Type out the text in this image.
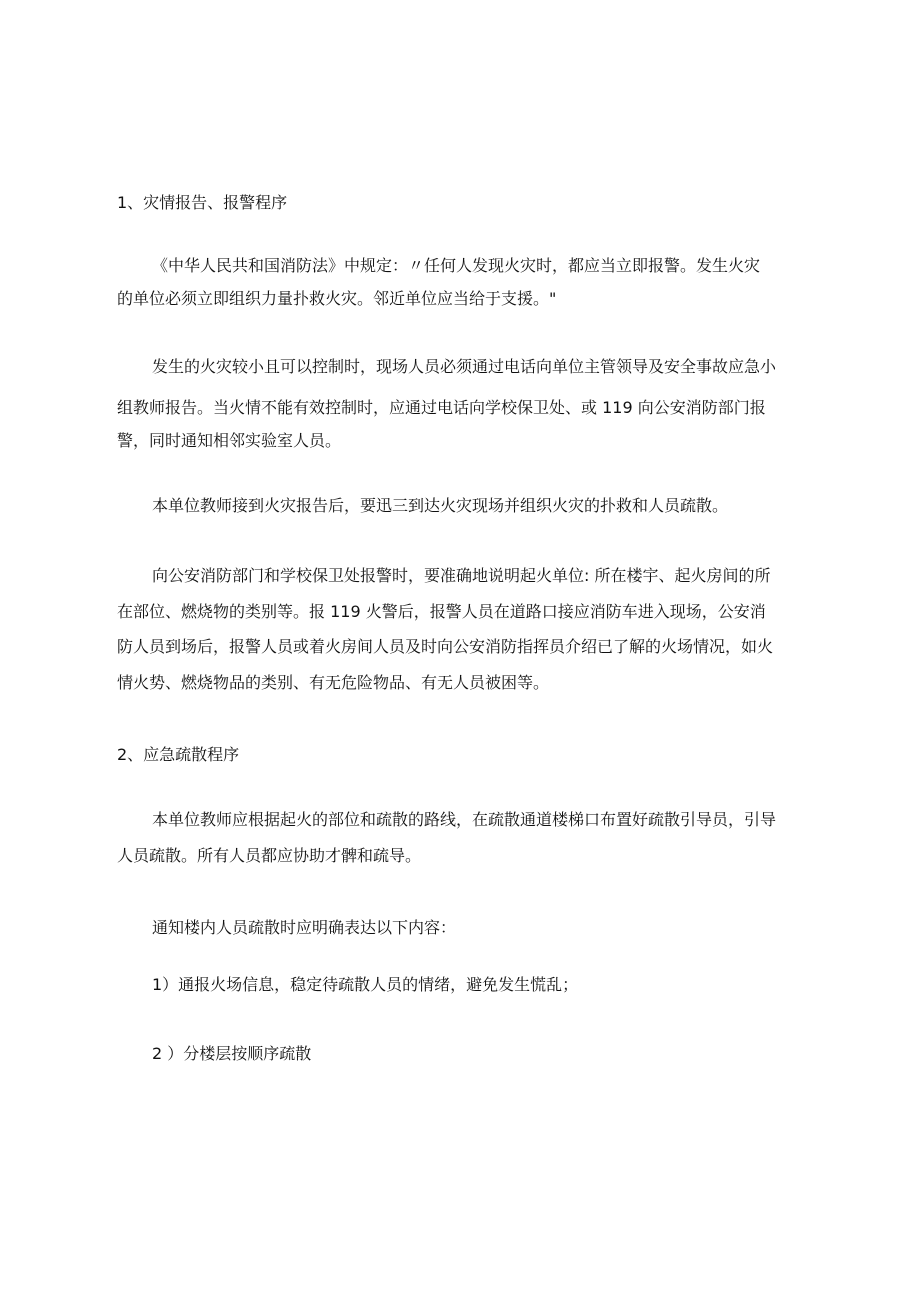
1、灾情报告、报警程序
《中华人民共和国消防法》中规定：〃任何人发现火灾时，都应当立即报警。发生火灾
的单位必须立即组织力量扑救火灾。邻近单位应当给于支援。"
发生的火灾较小且可以控制时，现场人员必须通过电话向单位主管领导及安全事故应急小
组教师报告。当火情不能有效控制时，应通过电话向学校保卫处、或 119 向公安消防部门报
警，同时通知相邻实验室人员。
本单位教师接到火灾报告后，要迅三到达火灾现场并组织火灾的扑救和人员疏散。
向公安消防部门和学校保卫处报警时，要准确地说明起火单位: 所在楼宇、起火房间的所
在部位、燃烧物的类别等。报 119 火警后，报警人员在道路口接应消防车进入现场，公安消
防人员到场后，报警人员或着火房间人员及时向公安消防指挥员介绍已了解的火场情况，如火
情火势、燃烧物品的类别、有无危险物品、有无人员被困等。
2、应急疏散程序
本单位教师应根据起火的部位和疏散的路线，在疏散通道楼梯口布置好疏散引导员，引导
人员疏散。所有人员都应协助才髀和疏导。
通知楼内人员疏散时应明确表达以下内容：
1）通报火场信息，稳定待疏散人员的情绪，避免发生慌乱；
2 ）分楼层按顺序疏散
